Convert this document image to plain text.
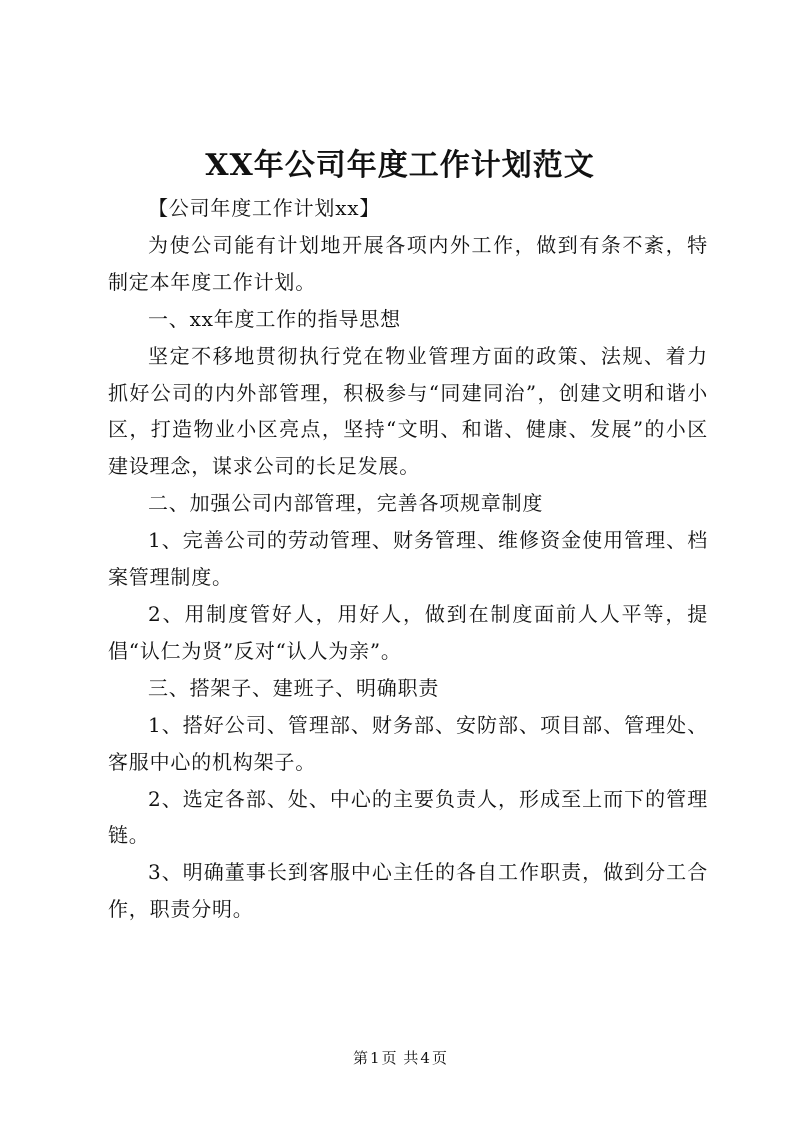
XX年公司年度工作计划范文

【公司年度工作计划xx】

为使公司能有计划地开展各项内外工作，做到有条不紊，特制定本年度工作计划。

一、xx年度工作的指导思想

坚定不移地贯彻执行党在物业管理方面的政策、法规、着力抓好公司的内外部管理，积极参与“同建同治”，创建文明和谐小区，打造物业小区亮点，坚持“文明、和谐、健康、发展”的小区建设理念，谋求公司的长足发展。

二、加强公司内部管理，完善各项规章制度

1、完善公司的劳动管理、财务管理、维修资金使用管理、档案管理制度。

2、用制度管好人，用好人，做到在制度面前人人平等，提倡“认仁为贤”反对“认人为亲”。

三、搭架子、建班子、明确职责

1、搭好公司、管理部、财务部、安防部、项目部、管理处、客服中心的机构架子。

2、选定各部、处、中心的主要负责人，形成至上而下的管理链。

3、明确董事长到客服中心主任的各自工作职责，做到分工合作，职责分明。

第 1 页 共 4 页
